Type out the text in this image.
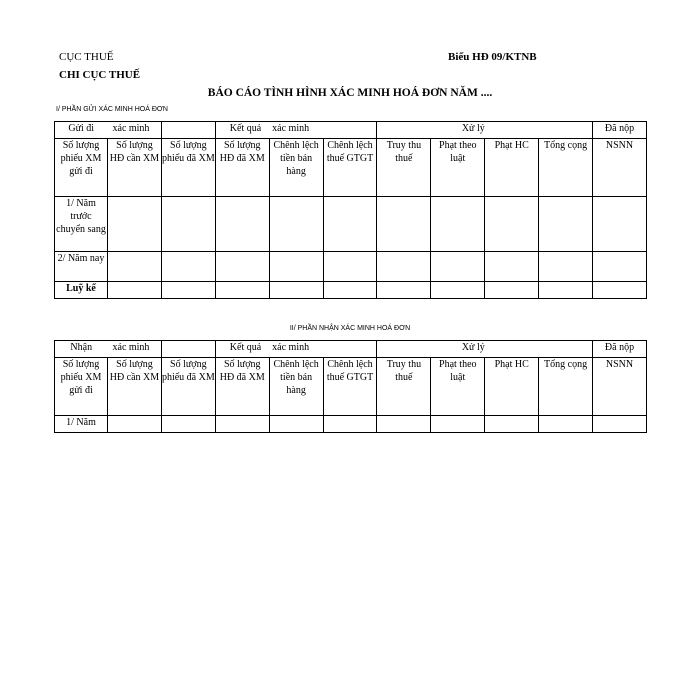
CỤC THUẾ
CHI CỤC THUẾ
Biểu HĐ 09/KTNB
BÁO CÁO TÌNH HÌNH XÁC MINH HOÁ ĐƠN NĂM ....
I/ PHẦN GỬI XÁC MINH HOÁ ĐƠN
Gửi đi	xác minh		Kết quả	xác minh			Xử lý			Đã nộp
Số lượng phiếu XM gửi đi	Số lượng HĐ cần XM	Số lượng phiếu đã XM	Số lượng HĐ đã XM	Chênh lệch tiền bán hàng	Chênh lệch thuế GTGT	Truy thu thuế	Phạt theo luật	Phạt HC	Tổng cọng	NSNN
1/ Năm trước chuyển sang										
2/ Năm nay										
Luỹ kế										
II/ PHẦN NHẬN XÁC MINH HOÁ ĐƠN
Nhận	xác minh		Kết quả	xác minh			Xử lý			Đã nộp
Số lượng phiếu XM gửi đi	Số lượng HĐ cần XM	Số lượng phiếu đã XM	Số lượng HĐ đã XM	Chênh lệch tiền bán hàng	Chênh lệch thuế GTGT	Truy thu thuế	Phạt theo luật	Phạt HC	Tổng cọng	NSNN
1/ Năm										
